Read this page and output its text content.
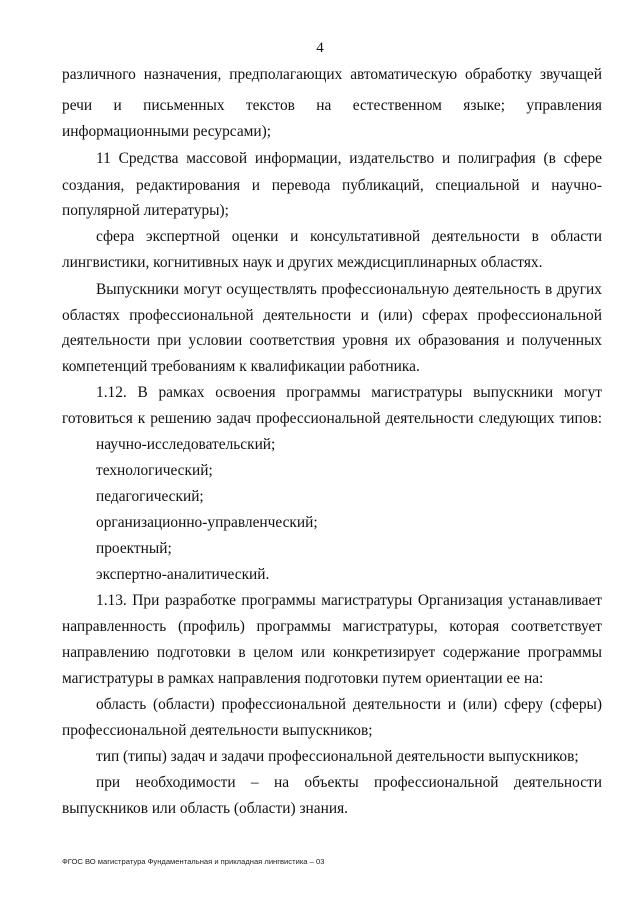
4
различного назначения, предполагающих автоматическую обработку звучащей
речи и письменных текстов на естественном языке; управления
информационными ресурсами);
11 Средства массовой информации, издательство и полиграфия (в сфере
создания, редактирования и перевода публикаций, специальной и научно-
популярной литературы);
сфера экспертной оценки и консультативной деятельности в области
лингвистики, когнитивных наук и других междисциплинарных областях.
Выпускники могут осуществлять профессиональную деятельность в других
областях профессиональной деятельности и (или) сферах профессиональной
деятельности при условии соответствия уровня их образования и полученных
компетенций требованиям к квалификации работника.
1.12. В рамках освоения программы магистратуры выпускники могут
готовиться к решению задач профессиональной деятельности следующих типов:
научно-исследовательский;
технологический;
педагогический;
организационно-управленческий;
проектный;
экспертно-аналитический.
1.13. При разработке программы магистратуры Организация устанавливает
направленность (профиль) программы магистратуры, которая соответствует
направлению подготовки в целом или конкретизирует содержание программы
магистратуры в рамках направления подготовки путем ориентации ее на:
область (области) профессиональной деятельности и (или) сферу (сферы)
профессиональной деятельности выпускников;
тип (типы) задач и задачи профессиональной деятельности выпускников;
при необходимости – на объекты профессиональной деятельности
выпускников или область (области) знания.
ФГОС ВО магистратура Фундаментальная и прикладная лингвистика – 03
